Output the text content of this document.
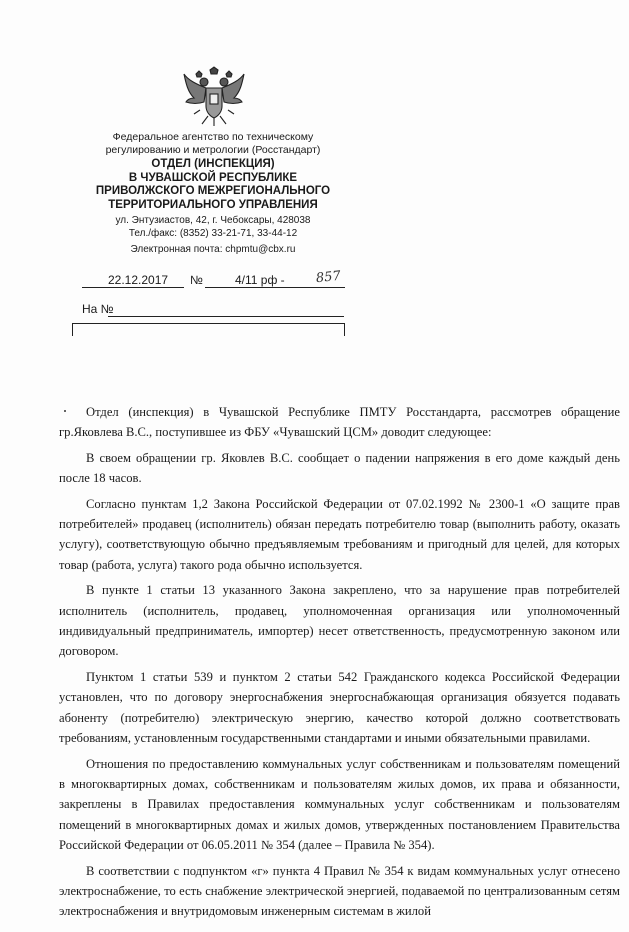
Федеральное агентство по техническому
регулированию и метрологии (Росстандарт)
ОТДЕЛ (ИНСПЕКЦИЯ)
В ЧУВАШСКОЙ РЕСПУБЛИКЕ
ПРИВОЛЖСКОГО МЕЖРЕГИОНАЛЬНОГО
ТЕРРИТОРИАЛЬНОГО УПРАВЛЕНИЯ
ул. Энтузиастов, 42, г. Чебоксары, 428038
Тел./факс: (8352) 33-21-71, 33-44-12
Электронная почта: chpmtu@cbx.ru
22.12.2017 №	4/11 рф - 857
На №

Отдел (инспекция) в Чувашской Республике ПМТУ Росстандарта, рассмотрев обращение гр.Яковлева В.С., поступившее из ФБУ «Чувашский ЦСМ» доводит следующее:

В своем обращении гр. Яковлев В.С. сообщает о падении напряжения в его доме каждый день после 18 часов.

Согласно пунктам 1,2 Закона Российской Федерации от 07.02.1992 № 2300-1 «О защите прав потребителей» продавец (исполнитель) обязан передать потребителю товар (выполнить работу, оказать услугу), соответствующую обычно предъявляемым требованиям и пригодный для целей, для которых товар (работа, услуга) такого рода обычно используется.

В пункте 1 статьи 13 указанного Закона закреплено, что за нарушение прав потребителей исполнитель (исполнитель, продавец, уполномоченная организация или уполномоченный индивидуальный предприниматель, импортер) несет ответственность, предусмотренную законом или договором.

Пунктом 1 статьи 539 и пунктом 2 статьи 542 Гражданского кодекса Российской Федерации установлен, что по договору энергоснабжения энергоснабжающая организация обязуется подавать абоненту (потребителю) электрическую энергию, качество которой должно соответствовать требованиям, установленным государственными стандартами и иными обязательными правилами.

Отношения по предоставлению коммунальных услуг собственникам и пользователям помещений в многоквартирных домах, собственникам и пользователям жилых домов, их права и обязанности, закреплены в Правилах предоставления коммунальных услуг собственникам и пользователям помещений в многоквартирных домах и жилых домов, утвержденных постановлением Правительства Российской Федерации от 06.05.2011 № 354 (далее – Правила № 354).

В соответствии с подпунктом «г» пункта 4 Правил № 354 к видам коммунальных услуг отнесено электроснабжение, то есть снабжение электрической энергией, подаваемой по централизованным сетям электроснабжения и внутридомовым инженерным системам в жилой
